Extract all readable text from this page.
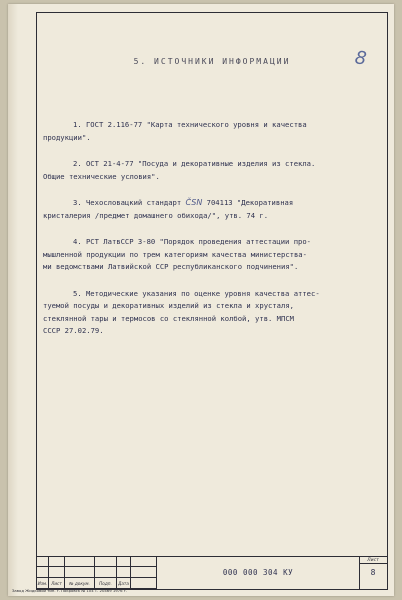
5. ИСТОЧНИКИ ИНФОРМАЦИИ	8
1. ГОСТ 2.116-77 "Карта технического уровня и качества
продукции".
2. ОСТ 21-4-77 "Посуда и декоративные изделия из стекла.
Общие технические условия".
3. Чехословацкий стандарт ČSN 704113 "Декоративная
кристалерия /предмет домашнего обихода/", утв. 74 г.
4. РСТ ЛатвССР 3-80 "Порядок проведения аттестации про-
мышленной продукции по трем категориям качества министерства-
ми ведомствами Латвийской ССР республиканского подчинения".
5. Методические указания по оценке уровня качества аттес-
туемой посуды и декоративных изделий из стекла и хрусталя,
стеклянной тары и термосов со стеклянной колбой, утв. МПСМ
СССР 27.02.79.
Изм. Лист	№ докум.	Подп.	Дата
000 000 304 КУ
Лист
8
Завод Жидковой тип. г. Покровск № 104 Т. 20469 1976 г.
